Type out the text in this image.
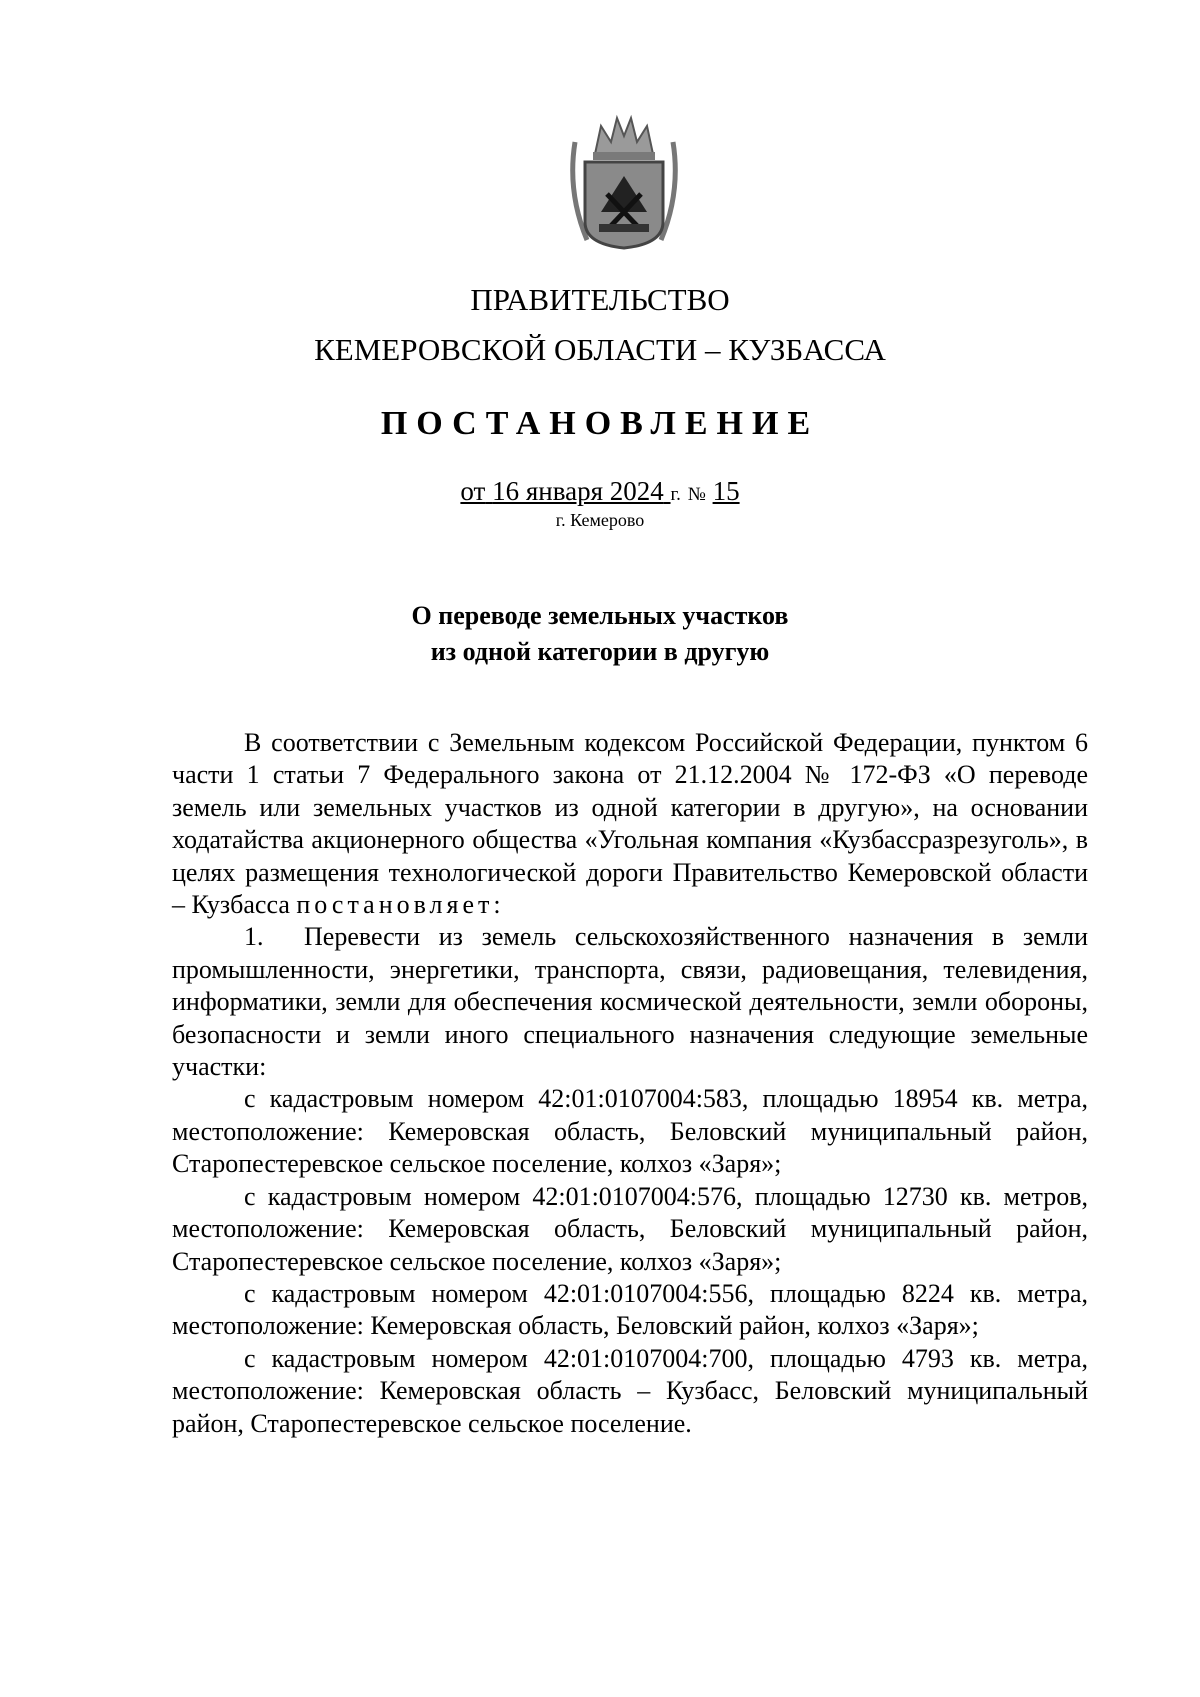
ПРАВИТЕЛЬСТВО
КЕМЕРОВСКОЙ ОБЛАСТИ – КУЗБАССА
ПОСТАНОВЛЕНИЕ
от 16 января 2024 г. № 15
г. Кемерово
О переводе земельных участков
из одной категории в другую

В соответствии с Земельным кодексом Российской Федерации, пунктом 6 части 1 статьи 7 Федерального закона от 21.12.2004 № 172-ФЗ «О переводе земель или земельных участков из одной категории в другую», на основании ходатайства акционерного общества «Угольная компания «Кузбассразрезуголь», в целях размещения технологической дороги Правительство Кемеровской области – Кузбасса постановляет:

1. Перевести из земель сельскохозяйственного назначения в земли промышленности, энергетики, транспорта, связи, радиовещания, телевидения, информатики, земли для обеспечения космической деятельности, земли обороны, безопасности и земли иного специального назначения следующие земельные участки:

с кадастровым номером 42:01:0107004:583, площадью 18954 кв. метра, местоположение: Кемеровская область, Беловский муниципальный район, Старопестеревское сельское поселение, колхоз «Заря»;

с кадастровым номером 42:01:0107004:576, площадью 12730 кв. метров, местоположение: Кемеровская область, Беловский муниципальный район, Старопестеревское сельское поселение, колхоз «Заря»;

с кадастровым номером 42:01:0107004:556, площадью 8224 кв. метра, местоположение: Кемеровская область, Беловский район, колхоз «Заря»;

с кадастровым номером 42:01:0107004:700, площадью 4793 кв. метра, местоположение: Кемеровская область – Кузбасс, Беловский муниципальный район, Старопестеревское сельское поселение.
